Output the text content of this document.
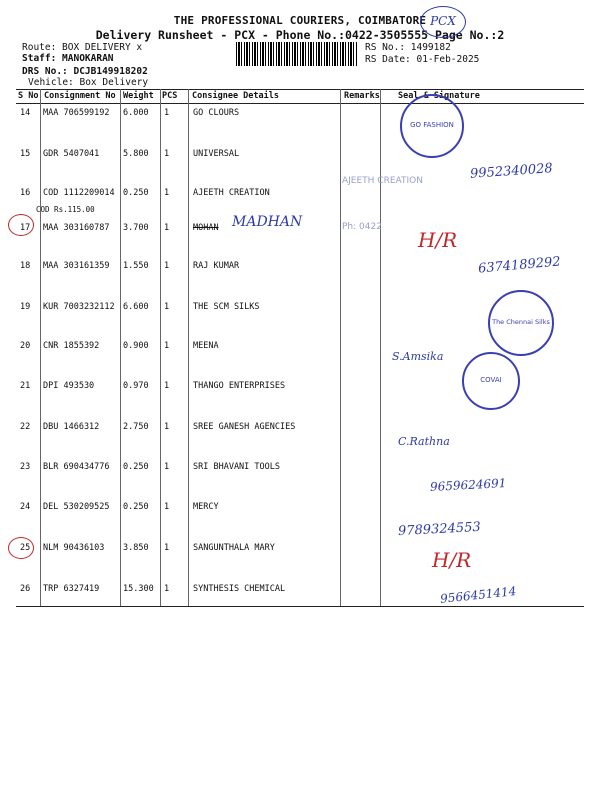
THE PROFESSIONAL COURIERS, COIMBATORE
Delivery Runsheet - PCX - Phone No.:0422-3505555 Page No.:2
Route: BOX DELIVERY x
Staff: MANOKARAN
DRS No.: DCJB149918202
Vehicle: Box Delivery
RS No.: 1499182
RS Date: 01-Feb-2025
PCX
S No Consignment No Weight PCS Consignee Details	Remarks Seal & Signature
14 MAA 706599192 6.000 1	GO CLOURS
15 GDR 5407041	5.800 1	UNIVERSAL
16 COD 1112209014 0.250 1	AJEETH CREATION
COD Rs.115.00
17 MAA 303160787 3.700 1	MOHAN
18 MAA 303161359 1.550 1	RAJ KUMAR
19 KUR 7003232112 6.600 1	THE SCM SILKS
20 CNR 1855392	0.900 1	MEENA
21 DPI 493530	0.970 1	THANGO ENTERPRISES
22 DBU 1466312	2.750 1	SREE GANESH AGENCIES
23 BLR 690434776 0.250 1	SRI BHAVANI TOOLS
24 DEL 530209525 0.250 1	MERCY
25 NLM 90436103 3.850 1	SANGUNTHALA MARY
26 TRP 6327419	15.300 1	SYNTHESIS CHEMICAL
MADHAN
9952340028
6374189292
S.Amsika
C.Rathna
9659624691
9789324553
H/R
H/R
9566451414
GO FASHION
The Chennai Silks
COVAI
AJEETH CREATION
Ph: 0422
